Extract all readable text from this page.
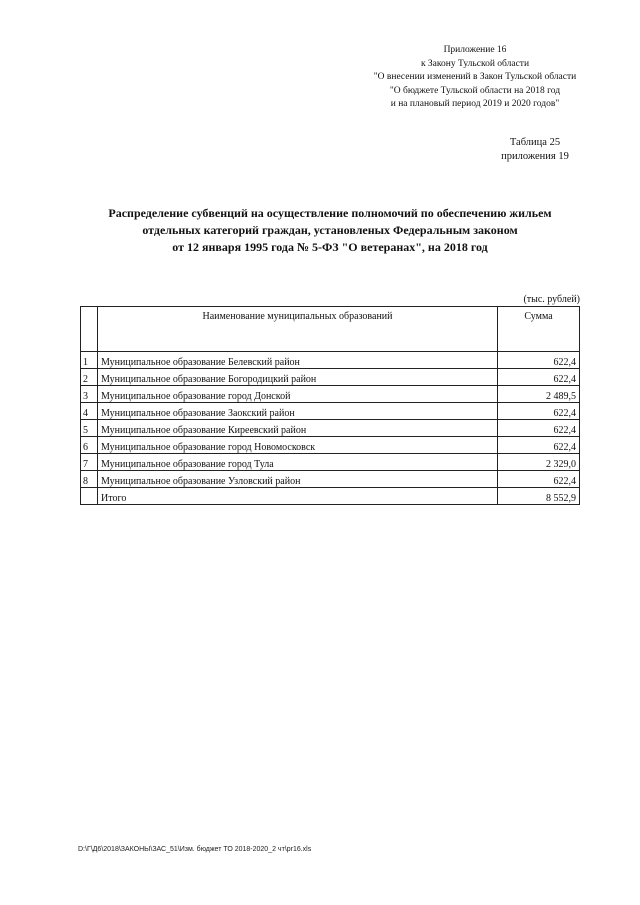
Приложение 16
к Закону Тульской области
"О внесении изменений в Закон Тульской области
"О бюджете Тульской области на 2018 год
и на плановый период 2019 и 2020 годов"
Таблица 25
приложения 19
Распределение субвенций на осуществление полномочий по обеспечению жильем
отдельных категорий граждан, установленых Федеральным законом
от 12 января 1995 года № 5-ФЗ "О ветеранах", на 2018 год
(тыс. рублей)
	Наименование муниципальных образований	Сумма
1	Муниципальное образование Белевский район	622,4
2	Муниципальное образование Богородицкий район	622,4
3	Муниципальное образование город Донской	2 489,5
4	Муниципальное образование Заокский район	622,4
5	Муниципальное образование Киреевский район	622,4
6	Муниципальное образование город Новомосковск	622,4
7	Муниципальное образование город Тула	2 329,0
8	Муниципальное образование Узловский район	622,4
	Итого	8 552,9
D:\Г\Д6\2018\ЗАКОНЫ\ЗАС_51\Изм. бюджет ТО 2018-2020_2 чт\pr16.xls
